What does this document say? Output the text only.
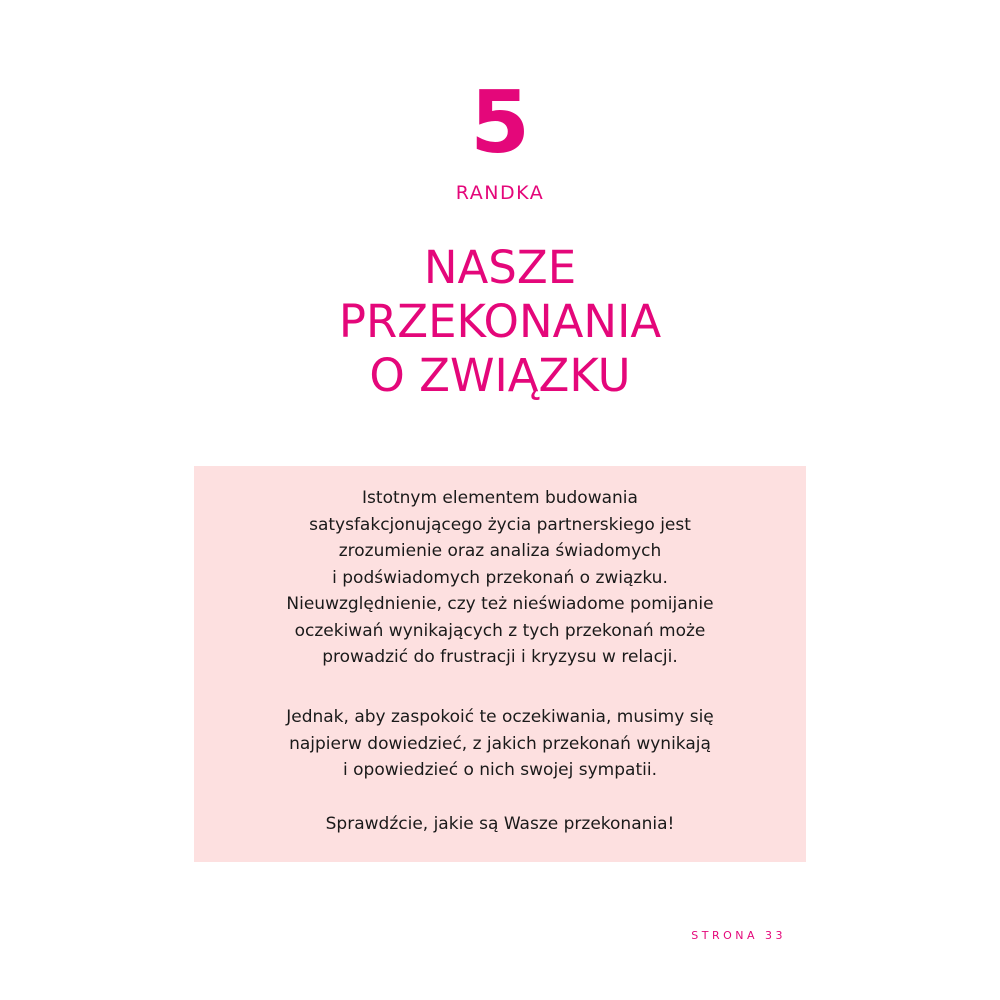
5
RANDKA
NASZE
PRZEKONANIA
O ZWIĄZKU
Istotnym elementem budowania
satysfakcjonującego życia partnerskiego jest
zrozumienie oraz analiza świadomych
i podświadomych przekonań o związku.
Nieuwzględnienie, czy też nieświadome pomijanie
oczekiwań wynikających z tych przekonań może
prowadzić do frustracji i kryzysu w relacji.
Jednak, aby zaspokoić te oczekiwania, musimy się
najpierw dowiedzieć, z jakich przekonań wynikają
i opowiedzieć o nich swojej sympatii.
Sprawdźcie, jakie są Wasze przekonania!
STRONA 33
